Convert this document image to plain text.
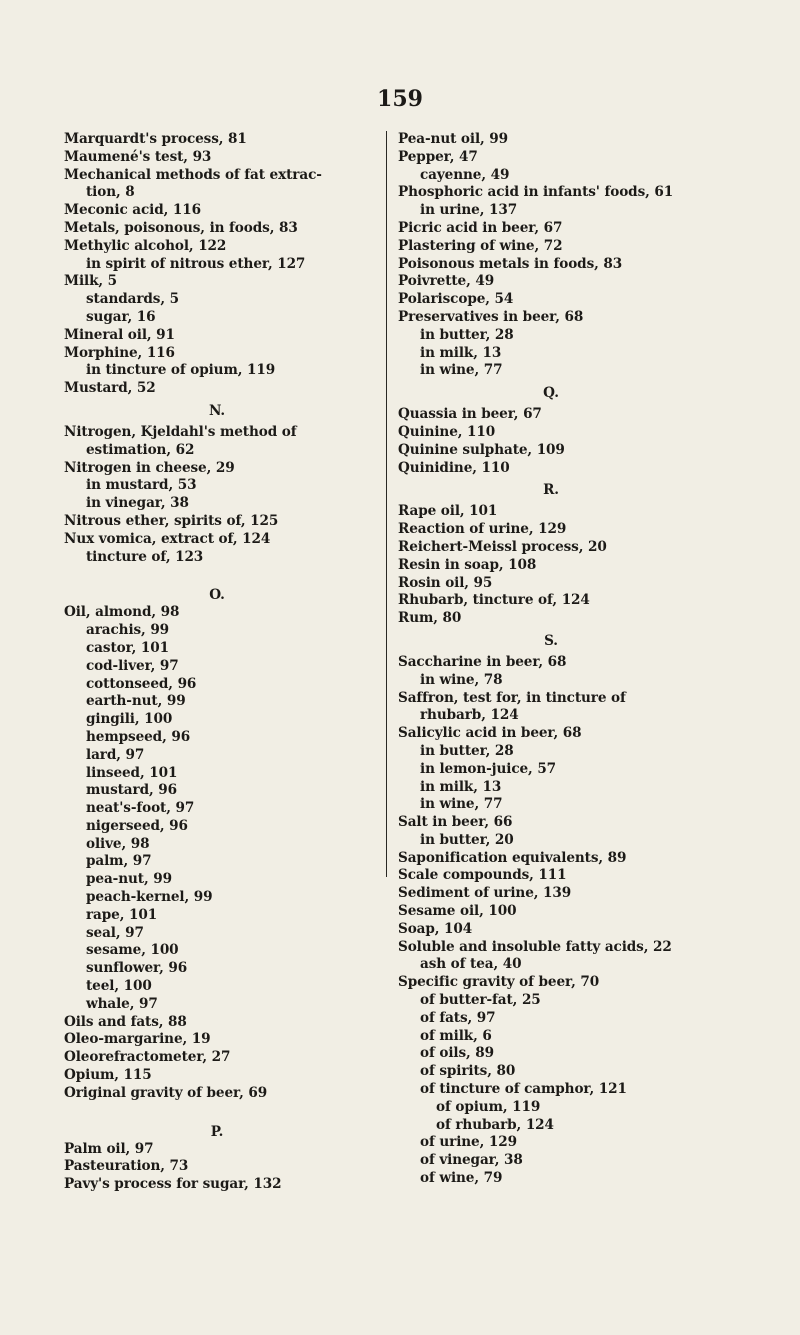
159
Marquardt's process, 81
Maumené's test, 93
Mechanical methods of fat extrac-
tion, 8
Meconic acid, 116
Metals, poisonous, in foods, 83
Methylic alcohol, 122
in spirit of nitrous ether, 127
Milk, 5
standards, 5
sugar, 16
Mineral oil, 91
Morphine, 116
in tincture of opium, 119
Mustard, 52
N.
Nitrogen, Kjeldahl's method of
estimation, 62
Nitrogen in cheese, 29
in mustard, 53
in vinegar, 38
Nitrous ether, spirits of, 125
Nux vomica, extract of, 124
tincture of, 123
O.
Oil, almond, 98
arachis, 99
castor, 101
cod-liver, 97
cottonseed, 96
earth-nut, 99
gingili, 100
hempseed, 96
lard, 97
linseed, 101
mustard, 96
neat's-foot, 97
nigerseed, 96
olive, 98
palm, 97
pea-nut, 99
peach-kernel, 99
rape, 101
seal, 97
sesame, 100
sunflower, 96
teel, 100
whale, 97
Oils and fats, 88
Oleo-margarine, 19
Oleorefractometer, 27
Opium, 115
Original gravity of beer, 69
P.
Palm oil, 97
Pasteuration, 73
Pavy's process for sugar, 132
Pea-nut oil, 99
Pepper, 47
cayenne, 49
Phosphoric acid in infants' foods, 61
in urine, 137
Picric acid in beer, 67
Plastering of wine, 72
Poisonous metals in foods, 83
Poivrette, 49
Polariscope, 54
Preservatives in beer, 68
in butter, 28
in milk, 13
in wine, 77
Q.
Quassia in beer, 67
Quinine, 110
Quinine sulphate, 109
Quinidine, 110
R.
Rape oil, 101
Reaction of urine, 129
Reichert-Meissl process, 20
Resin in soap, 108
Rosin oil, 95
Rhubarb, tincture of, 124
Rum, 80
S.
Saccharine in beer, 68
in wine, 78
Saffron, test for, in tincture of
rhubarb, 124
Salicylic acid in beer, 68
in butter, 28
in lemon-juice, 57
in milk, 13
in wine, 77
Salt in beer, 66
in butter, 20
Saponification equivalents, 89
Scale compounds, 111
Sediment of urine, 139
Sesame oil, 100
Soap, 104
Soluble and insoluble fatty acids, 22
ash of tea, 40
Specific gravity of beer, 70
of butter-fat, 25
of fats, 97
of milk, 6
of oils, 89
of spirits, 80
of tincture of camphor, 121
of opium, 119
of rhubarb, 124
of urine, 129
of vinegar, 38
of wine, 79
